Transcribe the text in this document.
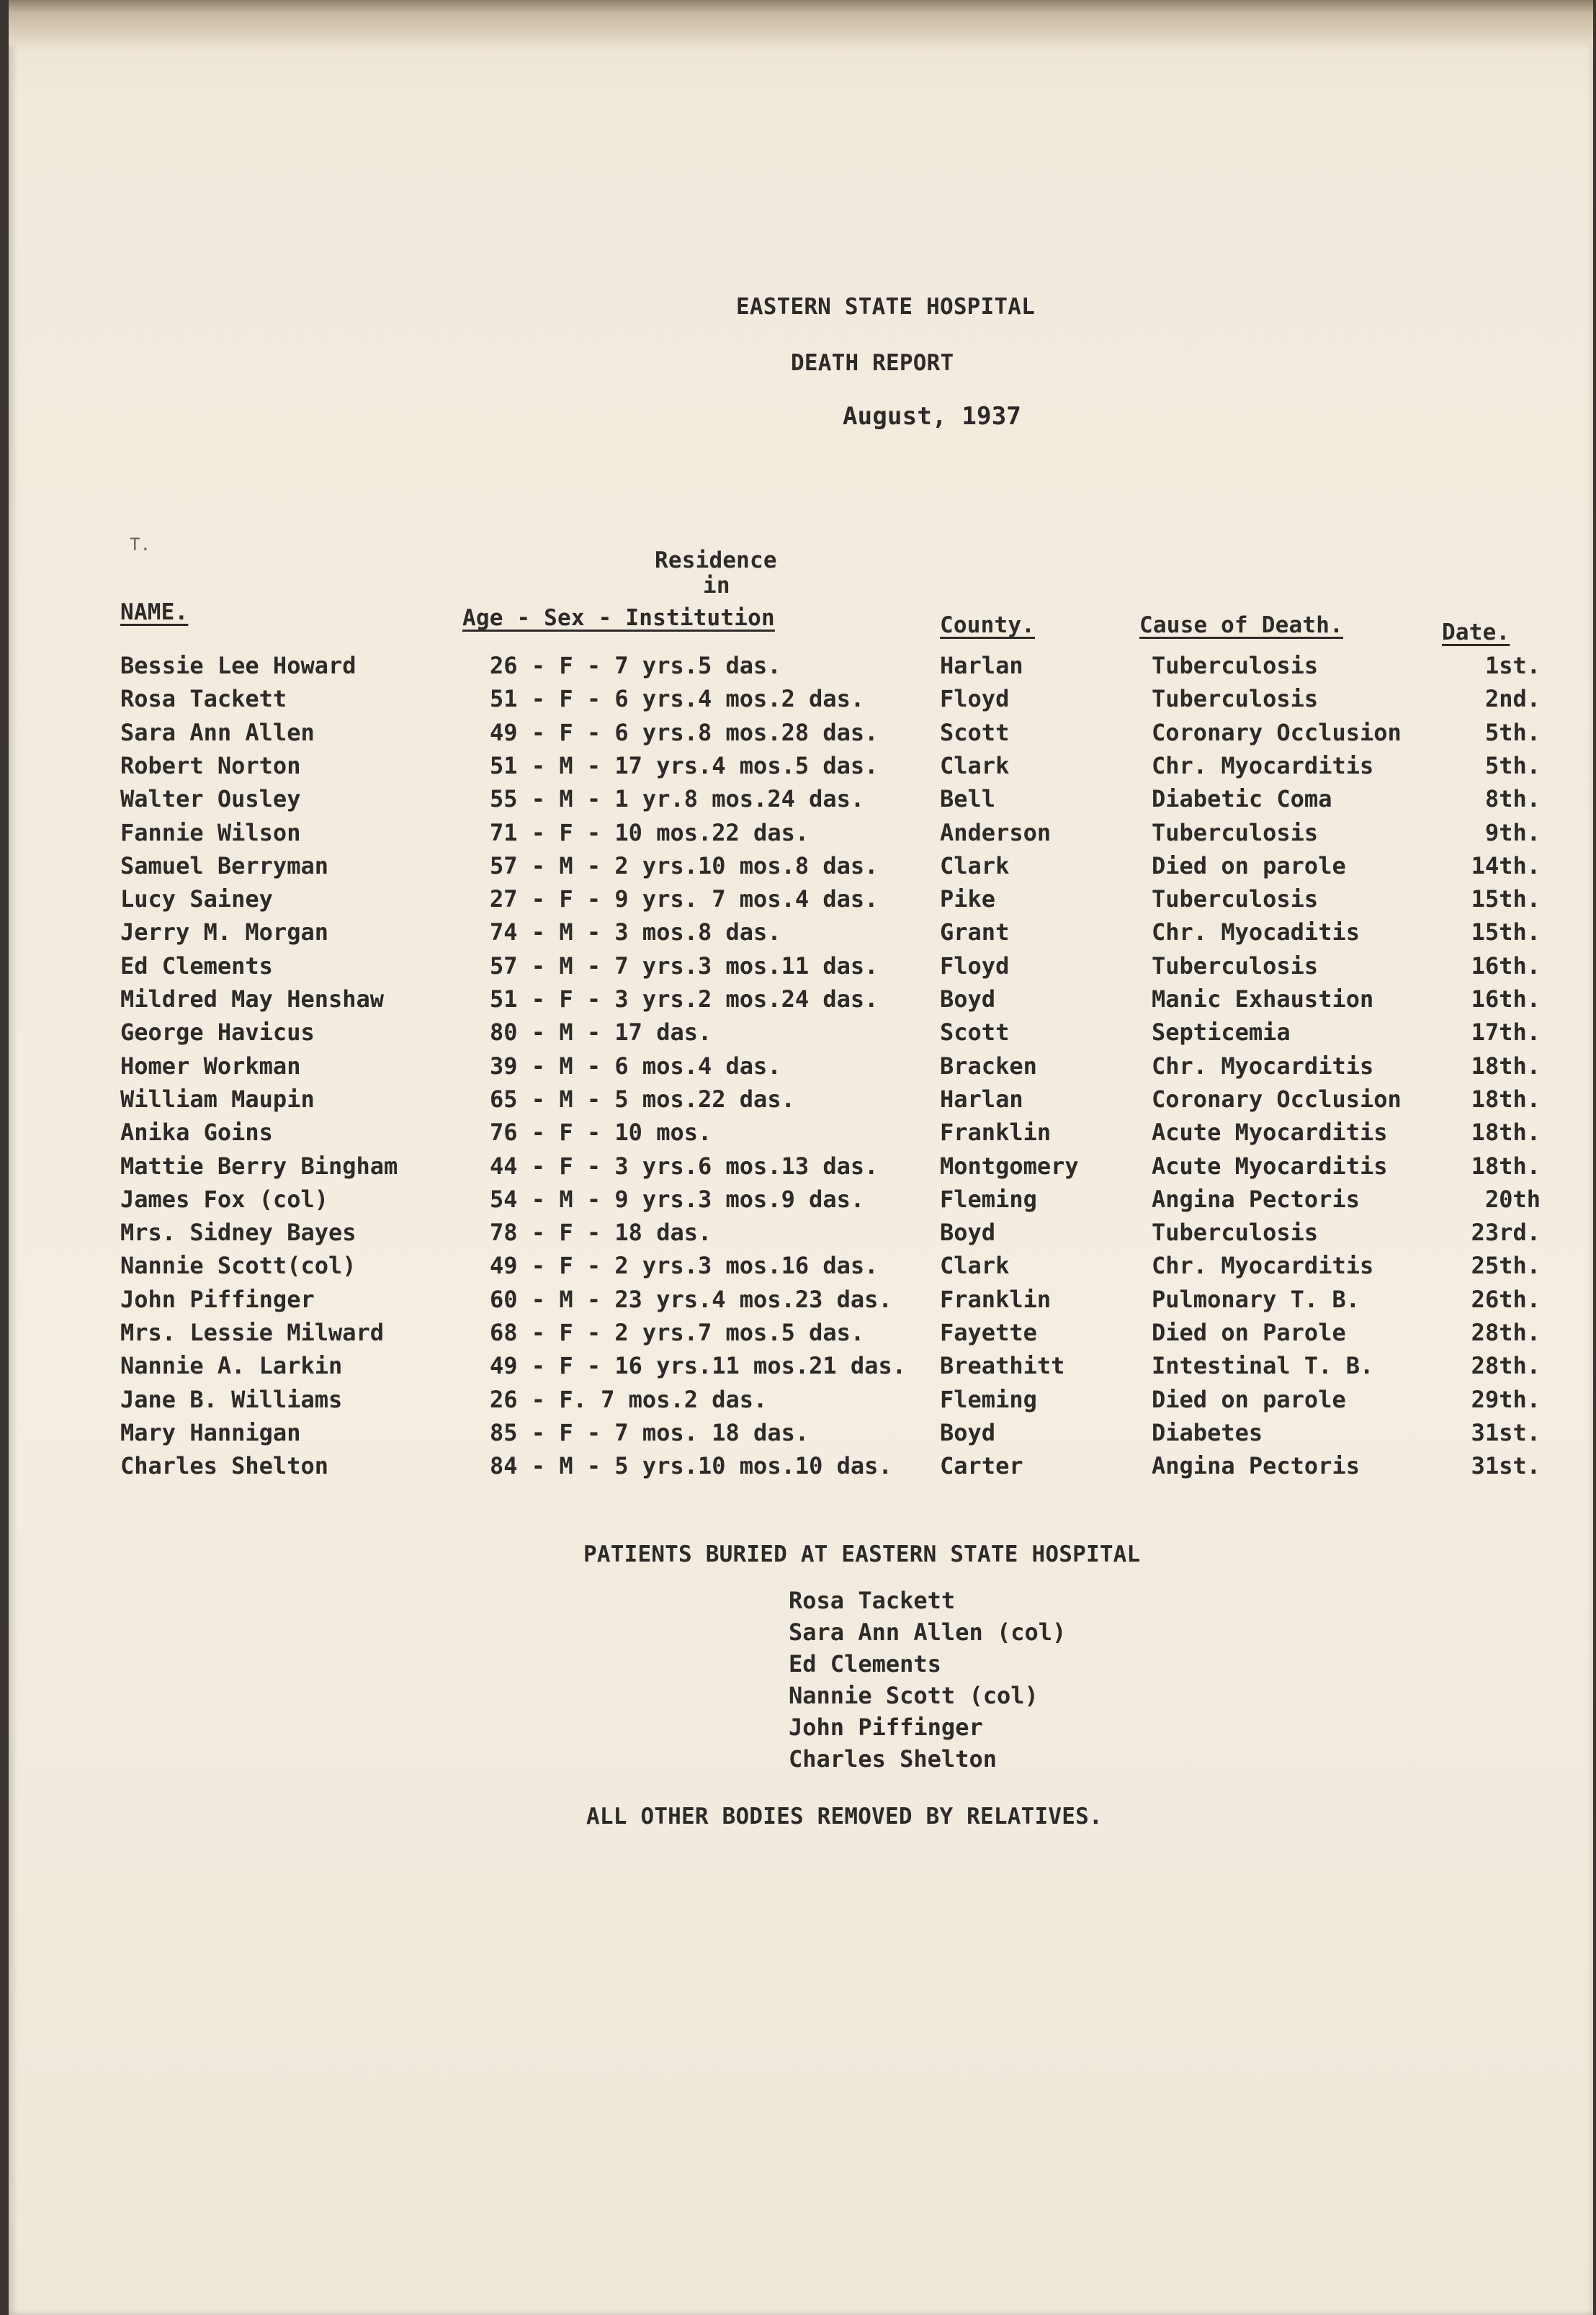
EASTERN STATE HOSPITAL
DEATH REPORT
August, 1937
T.
Residence
in
NAME.	Age - Sex - Institution	County.	Cause of Death.	Date.
Bessie Lee Howard	26 - F - 7 yrs.5 das.	Harlan	Tuberculosis	1st.
Rosa Tackett	51 - F - 6 yrs.4 mos.2 das.	Floyd	Tuberculosis	2nd.
Sara Ann Allen	49 - F - 6 yrs.8 mos.28 das.	Scott	Coronary Occlusion	5th.
Robert Norton	51 - M - 17 yrs.4 mos.5 das.	Clark	Chr. Myocarditis	5th.
Walter Ousley	55 - M - 1 yr.8 mos.24 das.	Bell	Diabetic Coma	8th.
Fannie Wilson	71 - F - 10 mos.22 das.	Anderson	Tuberculosis	9th.
Samuel Berryman	57 - M - 2 yrs.10 mos.8 das.	Clark	Died on parole	14th.
Lucy Sainey	27 - F - 9 yrs. 7 mos.4 das.	Pike	Tuberculosis	15th.
Jerry M. Morgan	74 - M - 3 mos.8 das.	Grant	Chr. Myocaditis	15th.
Ed Clements	57 - M - 7 yrs.3 mos.11 das.	Floyd	Tuberculosis	16th.
Mildred May Henshaw	51 - F - 3 yrs.2 mos.24 das.	Boyd	Manic Exhaustion	16th.
George Havicus	80 - M - 17 das.	Scott	Septicemia	17th.
Homer Workman	39 - M - 6 mos.4 das.	Bracken	Chr. Myocarditis	18th.
William Maupin	65 - M - 5 mos.22 das.	Harlan	Coronary Occlusion	18th.
Anika Goins	76 - F - 10 mos.	Franklin	Acute Myocarditis	18th.
Mattie Berry Bingham	44 - F - 3 yrs.6 mos.13 das.	Montgomery	Acute Myocarditis	18th.
James Fox (col)	54 - M - 9 yrs.3 mos.9 das.	Fleming	Angina Pectoris	20th
Mrs. Sidney Bayes	78 - F - 18 das.	Boyd	Tuberculosis	23rd.
Nannie Scott(col)	49 - F - 2 yrs.3 mos.16 das.	Clark	Chr. Myocarditis	25th.
John Piffinger	60 - M - 23 yrs.4 mos.23 das. Franklin	Pulmonary T. B.	26th.
Mrs. Lessie Milward	68 - F - 2 yrs.7 mos.5 das.	Fayette	Died on Parole	28th.
Nannie A. Larkin	49 - F - 16 yrs.11 mos.21 das. Breathitt	Intestinal T. B.	28th.
Jane B. Williams	26 - F. 7 mos.2 das.	Fleming	Died on parole	29th.
Mary Hannigan	85 - F - 7 mos. 18 das.	Boyd	Diabetes	31st.
Charles Shelton	84 - M - 5 yrs.10 mos.10 das. Carter	Angina Pectoris	31st.
PATIENTS BURIED AT EASTERN STATE HOSPITAL
Rosa Tackett
Sara Ann Allen (col)
Ed Clements
Nannie Scott (col)
John Piffinger
Charles Shelton
ALL OTHER BODIES REMOVED BY RELATIVES.
